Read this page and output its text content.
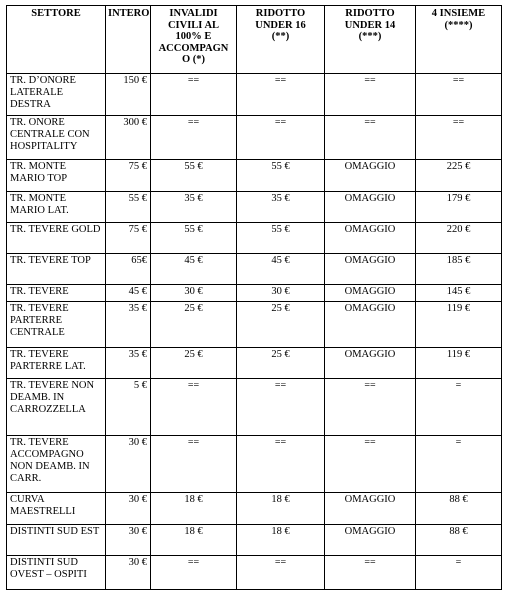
SETTORE	INTERO	INVALIDI
CIVILI AL
100% E
ACCOMPAGN
O (*)	RIDOTTO
UNDER 16
(**)	RIDOTTO
UNDER 14
(***)	4 INSIEME
(****)
TR. D’ONORE LATERALE DESTRA	150 €	==	==	==	==
TR. ONORE CENTRALE CON HOSPITALITY	300 €	==	==	==	==
TR. MONTE MARIO TOP	75 €	55 €	55 €	OMAGGIO	225 €
TR. MONTE MARIO LAT.	55 €	35 €	35 €	OMAGGIO	179 €
TR. TEVERE GOLD	75 €	55 €	55 €	OMAGGIO	220 €
TR. TEVERE TOP	65€	45 €	45 €	OMAGGIO	185 €
TR. TEVERE	45 €	30 €	30 €	OMAGGIO	145 €
TR. TEVERE PARTERRE CENTRALE	35 €	25 €	25 €	OMAGGIO	119 €
TR. TEVERE PARTERRE LAT.	35 €	25 €	25 €	OMAGGIO	119 €
TR. TEVERE NON DEAMB. IN CARROZZELLA	5 €	==	==	==	=
TR. TEVERE ACCOMPAGNO NON DEAMB. IN CARR.	30 €	==	==	==	=
CURVA MAESTRELLI	30 €	18 €	18 €	OMAGGIO	88 €
DISTINTI SUD EST	30 €	18 €	18 €	OMAGGIO	88 €
DISTINTI SUD OVEST – OSPITI	30 €	==	==	==	=
